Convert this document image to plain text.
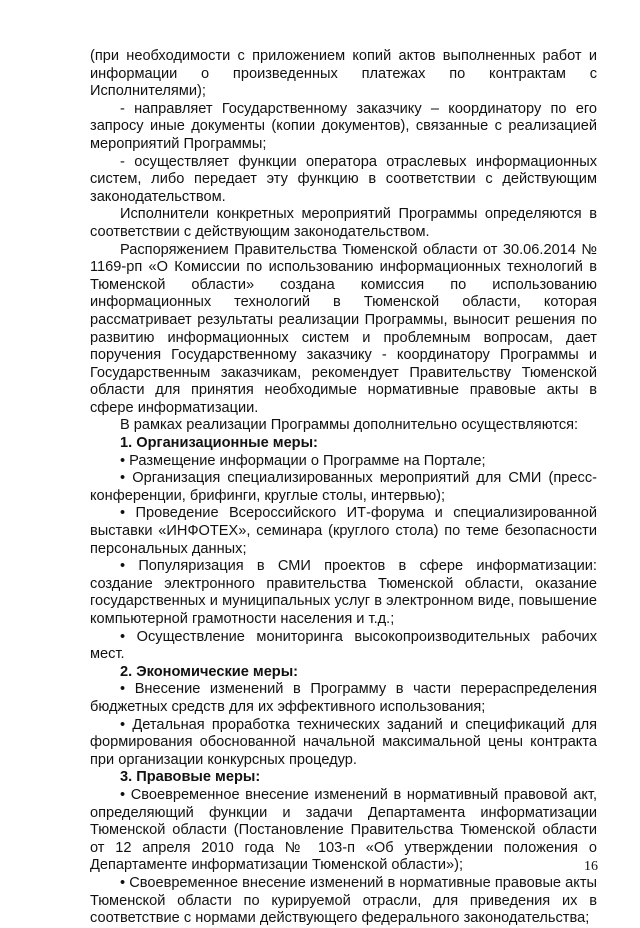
(при необходимости с приложением копий актов выполненных работ и информации о произведенных платежах по контрактам с Исполнителями);

- направляет Государственному заказчику – координатору по его запросу иные документы (копии документов), связанные с реализацией мероприятий Программы;

- осуществляет функции оператора отраслевых информационных систем, либо передает эту функцию в соответствии с действующим законодательством.

Исполнители конкретных мероприятий Программы определяются в соответствии с действующим законодательством.

Распоряжением Правительства Тюменской области от 30.06.2014 № 1169-рп «О Комиссии по использованию информационных технологий в Тюменской области» создана комиссия по использованию информационных технологий в Тюменской области, которая рассматривает результаты реализации Программы, выносит решения по развитию информационных систем и проблемным вопросам, дает поручения Государственному заказчику - координатору Программы и Государственным заказчикам, рекомендует Правительству Тюменской области для принятия необходимые нормативные правовые акты в сфере информатизации.

В рамках реализации Программы дополнительно осуществляются:

1. Организационные меры:

• Размещение информации о Программе на Портале;

• Организация специализированных мероприятий для СМИ (пресс-конференции, брифинги, круглые столы, интервью);

• Проведение Всероссийского ИТ-форума и специализированной выставки «ИНФОТЕХ», семинара (круглого стола) по теме безопасности персональных данных;

• Популяризация в СМИ проектов в сфере информатизации: создание электронного правительства Тюменской области, оказание государственных и муниципальных услуг в электронном виде, повышение компьютерной грамотности населения и т.д.;

• Осуществление мониторинга высокопроизводительных рабочих мест.

2. Экономические меры:

• Внесение изменений в Программу в части перераспределения бюджетных средств для их эффективного использования;

• Детальная проработка технических заданий и спецификаций для формирования обоснованной начальной максимальной цены контракта при организации конкурсных процедур.

3. Правовые меры:

• Своевременное внесение изменений в нормативный правовой акт, определяющий функции и задачи Департамента информатизации Тюменской области (Постановление Правительства Тюменской области от 12 апреля 2010 года № 103-п «Об утверждении положения о Департаменте информатизации Тюменской области»);

• Своевременное внесение изменений в нормативные правовые акты Тюменской области по курируемой отрасли, для приведения их в соответствие с нормами действующего федерального законодательства;

16
